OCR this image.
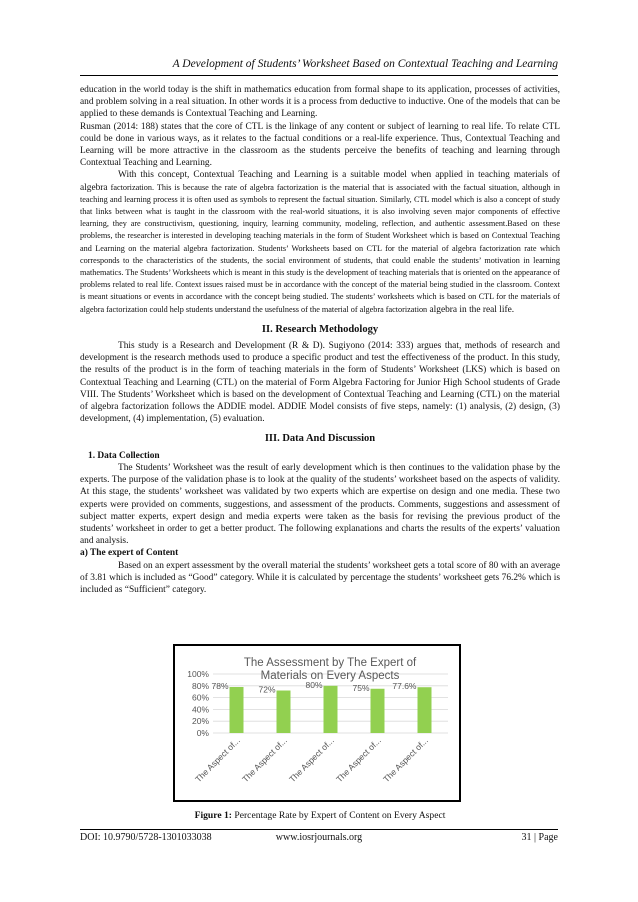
A Development of Students’ Worksheet Based on Contextual Teaching and Learning

education in the world today is the shift in mathematics education from formal shape to its application, processes of activities, and problem solving in a real situation. In other words it is a process from deductive to inductive. One of the models that can be applied to these demands is Contextual Teaching and Learning.

Rusman (2014: 188) states that the core of CTL is the linkage of any content or subject of learning to real life. To relate CTL could be done in various ways, as it relates to the factual conditions or a real-life experience. Thus, Contextual Teaching and Learning will be more attractive in the classroom as the students perceive the benefits of teaching and learning through Contextual Teaching and Learning.

With this concept, Contextual Teaching and Learning is a suitable model when applied in teaching materials of algebra factorization. This is because the rate of algebra factorization is the material that is associated with the factual situation, although in teaching and learning process it is often used as symbols to represent the factual situation. Similarly, CTL model which is also a concept of study that links between what is taught in the classroom with the real-world situations, it is also involving seven major components of effective learning, they are constructivism, questioning, inquiry, learning community, modeling, reflection, and authentic assessment.Based on these problems, the researcher is interested in developing teaching materials in the form of Student Worksheet which is based on Contextual Teaching and Learning on the material algebra factorization. Students’ Worksheets based on CTL for the material of algebra factorization rate which corresponds to the characteristics of the students, the social environment of students, that could enable the students’ motivation in learning mathematics. The Students’ Worksheets which is meant in this study is the development of teaching materials that is oriented on the appearance of problems related to real life. Context issues raised must be in accordance with the concept of the material being studied in the classroom. Context is meant situations or events in accordance with the concept being studied. The students’ worksheets which is based on CTL for the materials of algebra factorization could help students understand the usefulness of the material of algebra factorization algebra in the real life.

II. Research Methodology

This study is a Research and Development (R & D). Sugiyono (2014: 333) argues that, methods of research and development is the research methods used to produce a specific product and test the effectiveness of the product. In this study, the results of the product is in the form of teaching materials in the form of Students’ Worksheet (LKS) which is based on Contextual Teaching and Learning (CTL) on the material of Form Algebra Factoring for Junior High School students of Grade VIII. The Students’ Worksheet which is based on the development of Contextual Teaching and Learning (CTL) on the material of algebra factorization follows the ADDIE model. ADDIE Model consists of five steps, namely: (1) analysis, (2) design, (3) development, (4) implementation, (5) evaluation.

III. Data And Discussion

1. Data Collection

The Students’ Worksheet was the result of early development which is then continues to the validation phase by the experts. The purpose of the validation phase is to look at the quality of the students’ worksheet based on the aspects of validity. At this stage, the students’ worksheet was validated by two experts which are expertise on design and one media. These two experts were provided on comments, suggestions, and assessment of the products. Comments, suggestions and assessment of subject matter experts, expert design and media experts were taken as the basis for revising the previous product of the students’ worksheet in order to get a better product. The following explanations and charts the results of the experts’ valuation and analysis.

a) The expert of Content

Based on an expert assessment by the overall material the students’ worksheet gets a total score of 80 with an average of 3.81 which is included as “Good” category. While it is calculated by percentage the students’ worksheet gets 76.2% which is included as “Sufficient” category.

0%
20%
40%
60%
80%
100%
78%
The Aspect of...
72%
The Aspect of...
80%
The Aspect of...
75%
The Aspect of...
77.6%
The Aspect of...
The Assessment by The Expert of
Materials on Every Aspects
Figure 1: Percentage Rate by Expert of Content on Every Aspect
DOI: 10.9790/5728-1301033038	www.iosrjournals.org	31 | Page
